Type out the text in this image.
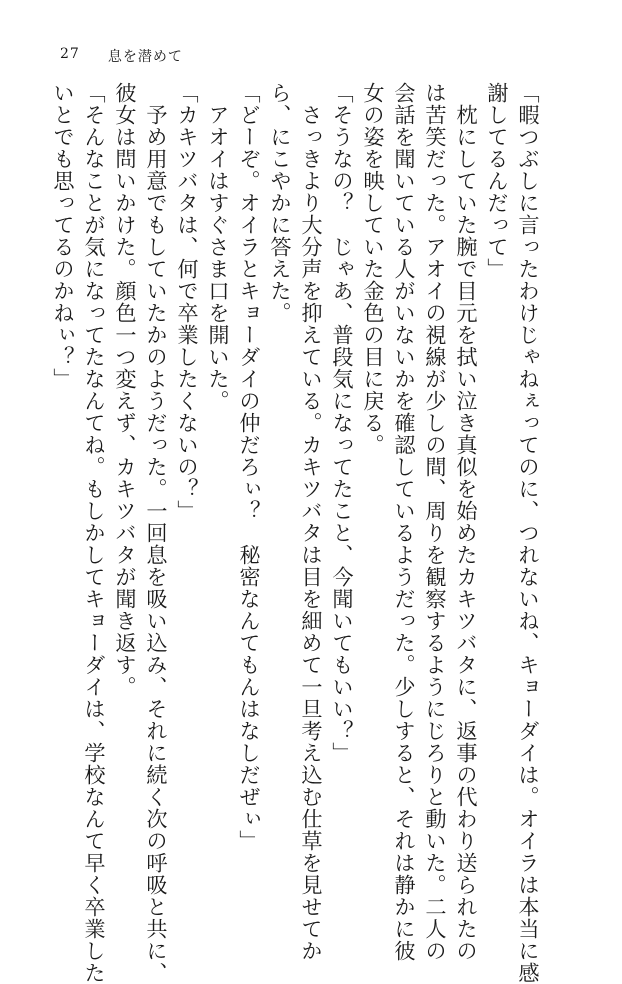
27 息を潜めて
「暇つぶしに言ったわけじゃねぇってのに、つれないね、キョーダイは。オイラは本当に感
謝してるんだって」
　枕にしていた腕で目元を拭い泣き真似を始めたカキツバタに、返事の代わり送られたの
は苦笑だった。アオイの視線が少しの間、周りを観察するようにじろりと動いた。二人の
会話を聞いている人がいないかを確認しているようだった。少しすると、それは静かに彼
女の姿を映していた金色の目に戻る。
「そうなの？　じゃあ、普段気になってたこと、今聞いてもいい？」
　さっきより大分声を抑えている。カキツバタは目を細めて一旦考え込む仕草を見せてか
ら、にこやかに答えた。
「どーぞ。オイラとキョーダイの仲だろぃ？　秘密なんてもんはなしだぜぃ」
　アオイはすぐさま口を開いた。
「カキツバタは、何で卒業したくないの？」
　予め用意でもしていたかのようだった。一回息を吸い込み、それに続く次の呼吸と共に、
彼女は問いかけた。顔色一つ変えず、カキツバタが聞き返す。
「そんなことが気になってたなんてね。もしかしてキョーダイは、学校なんて早く卒業した
いとでも思ってるのかねぃ？」
